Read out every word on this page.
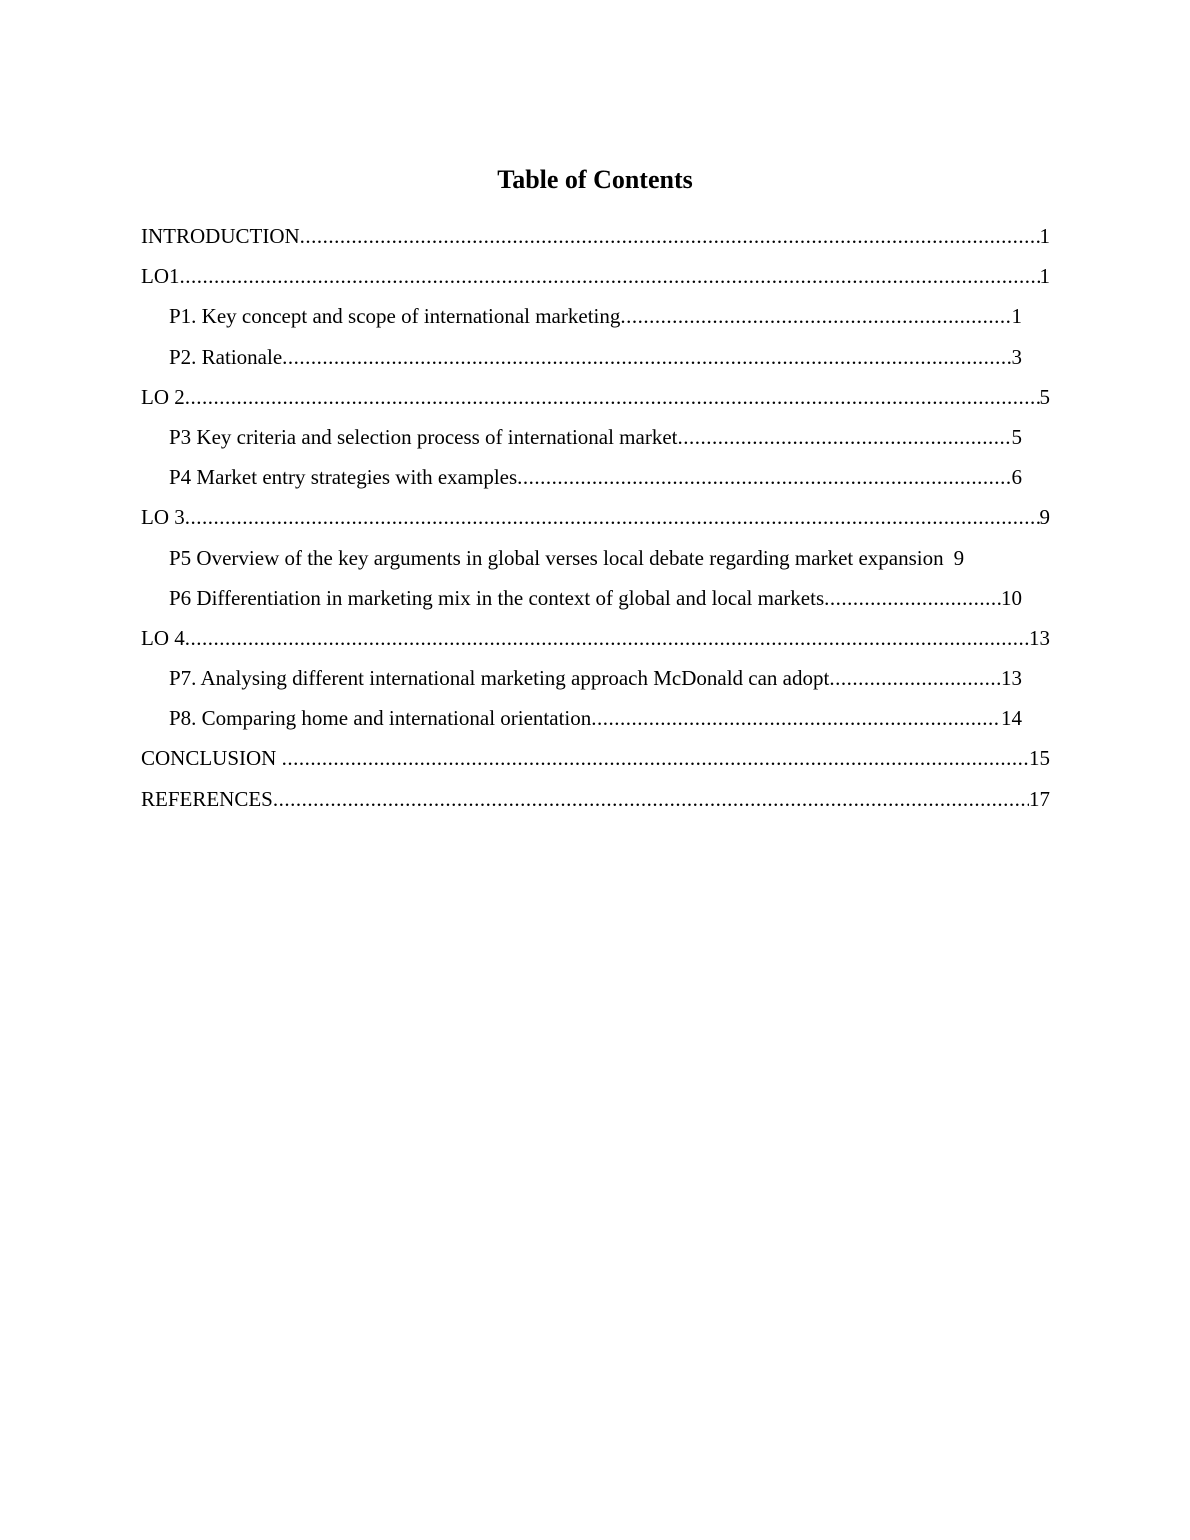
Table of Contents
INTRODUCTION .....	1
LO1 .....	1
P1. Key concept and scope of international marketing .....	1
P2. Rationale .....	3
LO 2 .....	5
P3 Key criteria and selection process of international market .....	5
P4 Market entry strategies with examples .....	6
LO 3 .....	9
P5 Overview of the key arguments in global verses local debate regarding market expansion 9
P6 Differentiation in marketing mix in the context of global and local markets .....	10
LO 4 .....	13
P7. Analysing different international marketing approach McDonald can adopt .....	13
P8. Comparing home and international orientation .....	14
CONCLUSION .....	15
REFERENCES .....	17
